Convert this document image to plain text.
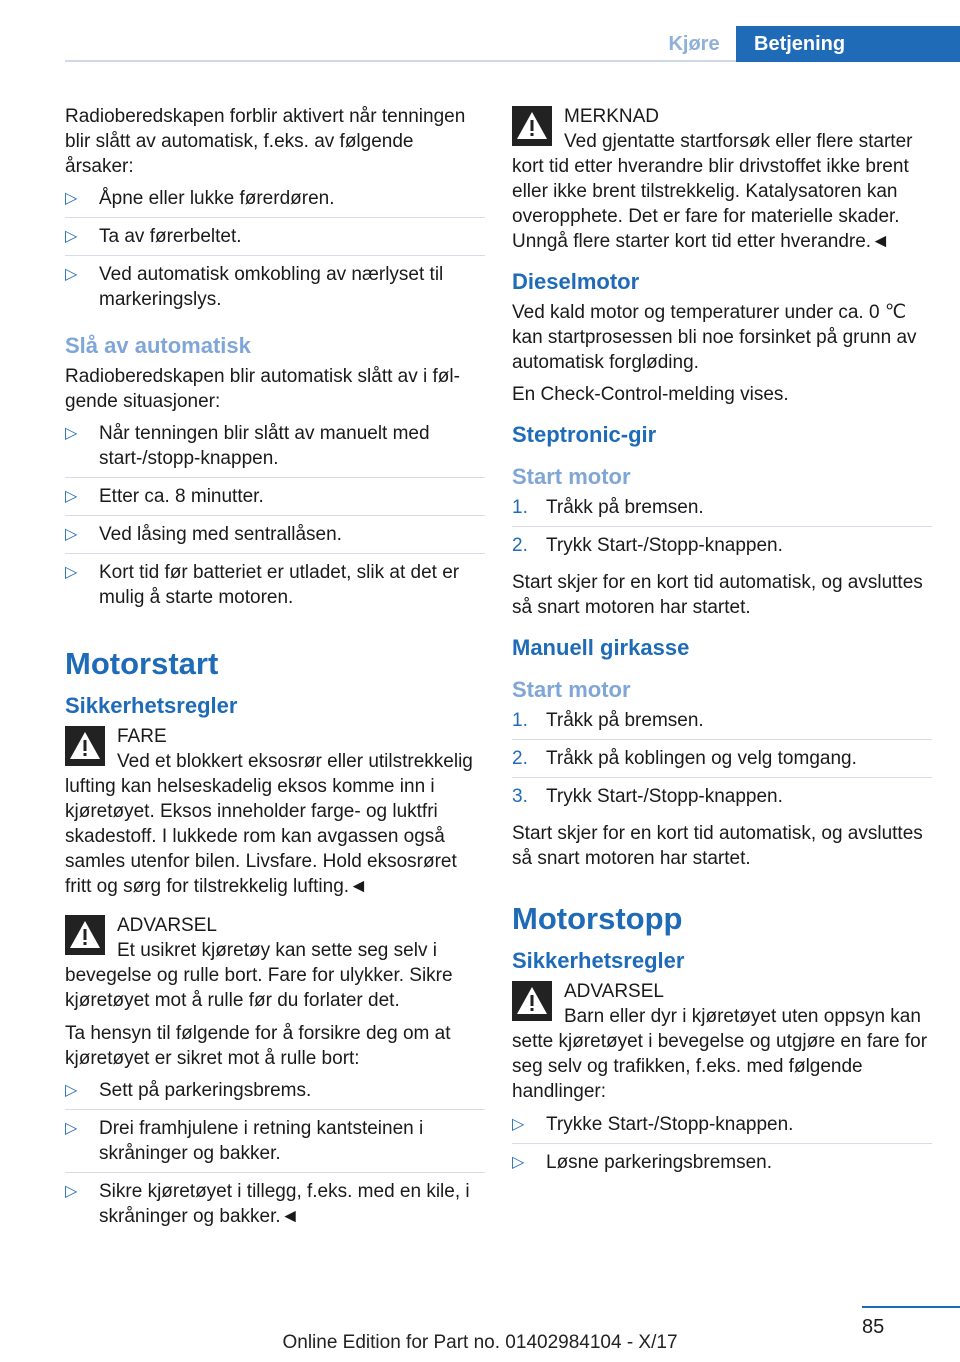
Kjøre	Betjening

Radioberedskapen forblir aktivert når tenningen blir slått av automatisk, f.eks. av følgende årsaker:

▷ Åpne eller lukke førerdøren.
▷ Ta av førerbeltet.
▷ Ved automatisk omkobling av nærlyset til markeringslys.
Slå av automatisk

Radioberedskapen blir automatisk slått av i følgende situasjoner:

▷ Når tenningen blir slått av manuelt med start-/stopp-knappen.
▷ Etter ca. 8 minutter.
▷ Ved låsing med sentrallåsen.
▷ Kort tid før batteriet er utladet, slik at det er mulig å starte motoren.
Motorstart
Sikkerhetsregler
FARE
Ved et blokkert eksosrør eller utilstrekkelig lufting kan helseskadelig eksos komme inn i kjøretøyet. Eksos inneholder farge- og luktfri skadestoff. I lukkede rom kan avgassen også samles utenfor bilen. Livsfare. Hold eksosrøret fritt og sørg for tilstrekkelig lufting.◄
ADVARSEL
Et usikret kjøretøy kan sette seg selv i bevegelse og rulle bort. Fare for ulykker. Sikre kjøretøyet mot å rulle før du forlater det.

Ta hensyn til følgende for å forsikre deg om at kjøretøyet er sikret mot å rulle bort:

▷ Sett på parkeringsbrems.
▷ Drei framhjulene i retning kantsteinen i skråninger og bakker.
▷ Sikre kjøretøyet i tillegg, f.eks. med en kile, i skråninger og bakker.◄
MERKNAD
Ved gjentatte startforsøk eller flere starter kort tid etter hverandre blir drivstoffet ikke brent eller ikke brent tilstrekkelig. Katalysatoren kan overopphete. Det er fare for materielle skader. Unngå flere starter kort tid etter hverandre.◄
Dieselmotor

Ved kald motor og temperaturer under ca. 0 ℃ kan startprosessen bli noe forsinket på grunn av automatisk forgløding.

En Check-Control-melding vises.

Steptronic-gir
Start motor
1. Tråkk på bremsen.
2. Trykk Start-/Stopp-knappen.

Start skjer for en kort tid automatisk, og avsluttes så snart motoren har startet.

Manuell girkasse
Start motor
1. Tråkk på bremsen.
2. Tråkk på koblingen og velg tomgang.
3. Trykk Start-/Stopp-knappen.

Start skjer for en kort tid automatisk, og avsluttes så snart motoren har startet.

Motorstopp
Sikkerhetsregler
ADVARSEL
Barn eller dyr i kjøretøyet uten oppsyn kan sette kjøretøyet i bevegelse og utgjøre en fare for seg selv og trafikken, f.eks. med følgende handlinger:
▷ Trykke Start-/Stopp-knappen.
▷ Løsne parkeringsbremsen.
85
Online Edition for Part no. 01402984104 - X/17
